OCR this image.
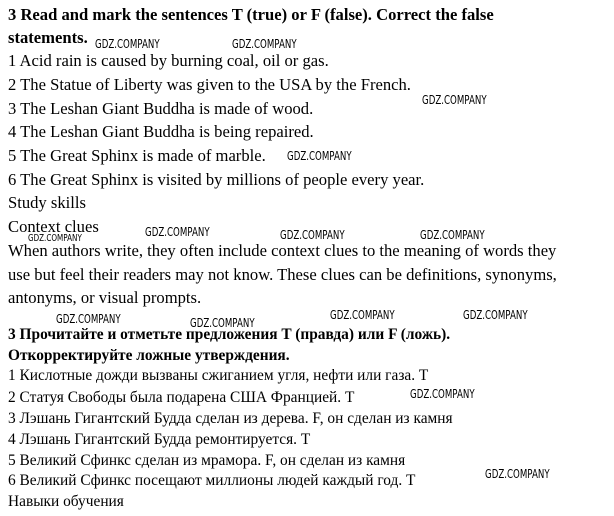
3 Read and mark the sentences T (true) or F (false). Correct the false
statements.
1 Acid rain is caused by burning coal, oil or gas.
2 The Statue of Liberty was given to the USA by the French.
3 The Leshan Giant Buddha is made of wood.
4 The Leshan Giant Buddha is being repaired.
5 The Great Sphinx is made of marble.
6 The Great Sphinx is visited by millions of people every year.
Study skills
Context clues
When authors write, they often include context clues to the meaning of words they
use but feel their readers may not know. These clues can be definitions, synonyms,
antonyms, or visual prompts.
3 Прочитайте и отметьте предложения T (правда) или F (ложь).
Откорректируйте ложные утверждения.
1 Кислотные дожди вызваны сжиганием угля, нефти или газа. T
2 Статуя Свободы была подарена США Францией. T
3 Лэшань Гигантский Будда сделан из дерева. F, он сделан из камня
4 Лэшань Гигантский Будда ремонтируется. T
5 Великий Сфинкс сделан из мрамора. F, он сделан из камня
6 Великий Сфинкс посещают миллионы людей каждый год. T
Навыки обучения
GDZ.COMPANY	GDZ.COMPANY
GDZ.COMPANY
GDZ.COMPANY
GDZ.COMPANY	GDZ.COMPANY	GDZ.COMPANY
GDZ.COMPANY
GDZ.COMPANY	GDZ.COMPANY
GDZ.COMPANY	GDZ.COMPANY
GDZ.COMPANY
GDZ.COMPANY
